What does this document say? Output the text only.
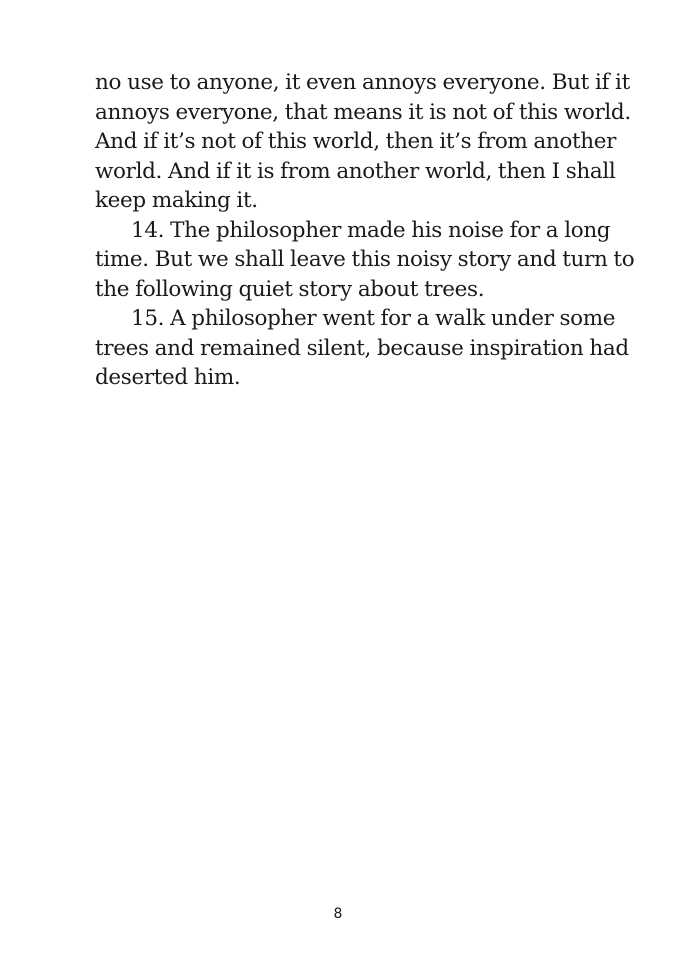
no use to anyone, it even annoys everyone. But if it
annoys everyone, that means it is not of this world.
And if it’s not of this world, then it’s from another
world. And if it is from another world, then I shall
keep making it.
14. The philosopher made his noise for a long
time. But we shall leave this noisy story and turn to
the following quiet story about trees.
15. A philosopher went for a walk under some
trees and remained silent, because inspiration had
deserted him.
8
